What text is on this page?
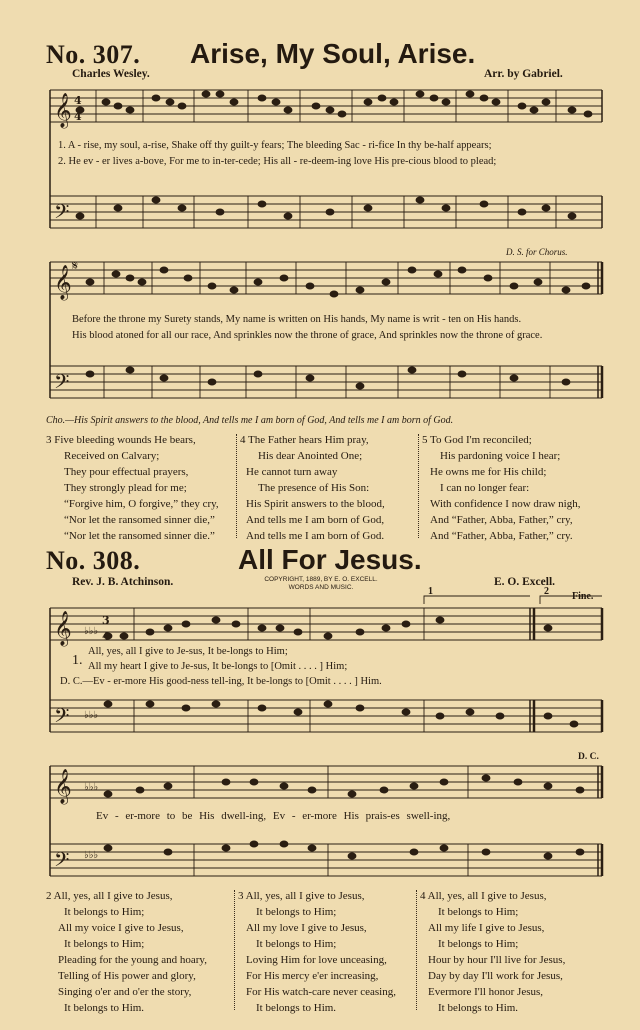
No. 307. Arise, My Soul, Arise.
Charles Wesley.	Arr. by Gabriel.
𝄞
𝄢
𝄞
𝄢
𝄞
𝄢
𝄞
𝄢
𝄋
♭♭♭
♭♭♭
♭♭♭
♭♭♭
4
4
3
4
1. A - rise, my soul, a-rise, Shake off thy guilt-y fears; The bleeding Sac - ri-fice In thy be-half appears;
2. He ev - er lives a-bove, For me to in-ter-cede; His all - re-deem-ing love His pre-cious blood to plead;
D. S. for Chorus.
Before the throne my Surety stands, My name is written on His hands, My name is writ - ten on His hands.
His blood atoned for all our race, And sprinkles now the throne of grace, And sprinkles now the throne of grace.
Cho.—His Spirit answers to the blood, And tells me I am born of God, And tells me I am born of God.
3 Five bleeding wounds He bears,
Received on Calvary;
They pour effectual prayers,
They strongly plead for me;
“Forgive him, O forgive,” they cry,
“Nor let the ransomed sinner die,”
“Nor let the ransomed sinner die.”
4 The Father hears Him pray,
His dear Anointed One;
He cannot turn away
The presence of His Son:
His Spirit answers to the blood,
And tells me I am born of God,
And tells me I am born of God.
5 To God I'm reconciled;
His pardoning voice I hear;
He owns me for His child;
I can no longer fear:
With confidence I now draw nigh,
And “Father, Abba, Father,” cry,
And “Father, Abba, Father,” cry.
No. 308.	All For Jesus.
Rev. J. B. Atchinson.	COPYRIGHT, 1889, BY E. O. EXCELL.
WORDS AND MUSIC.	E. O. Excell.
1	2 Fine.
1.
All, yes, all I give to Je-sus, It be-longs to Him;
All my heart I give to Je-sus, It be-longs to [Omit . . . . ] Him;
D. C.—Ev - er-more His good-ness tell-ing, It be-longs to [Omit . . . . ] Him.
D. C.
Ev - er-more to be His dwell-ing, Ev - er-more His prais-es swell-ing,
2 All, yes, all I give to Jesus,
It belongs to Him;
All my voice I give to Jesus,
It belongs to Him;
Pleading for the young and hoary,
Telling of His power and glory,
Singing o'er and o'er the story,
It belongs to Him.
3 All, yes, all I give to Jesus,
It belongs to Him;
All my love I give to Jesus,
It belongs to Him;
Loving Him for love unceasing,
For His mercy e'er increasing,
For His watch-care never ceasing,
It belongs to Him.
4 All, yes, all I give to Jesus,
It belongs to Him;
All my life I give to Jesus,
It belongs to Him;
Hour by hour I'll live for Jesus,
Day by day I'll work for Jesus,
Evermore I'll honor Jesus,
It belongs to Him.
